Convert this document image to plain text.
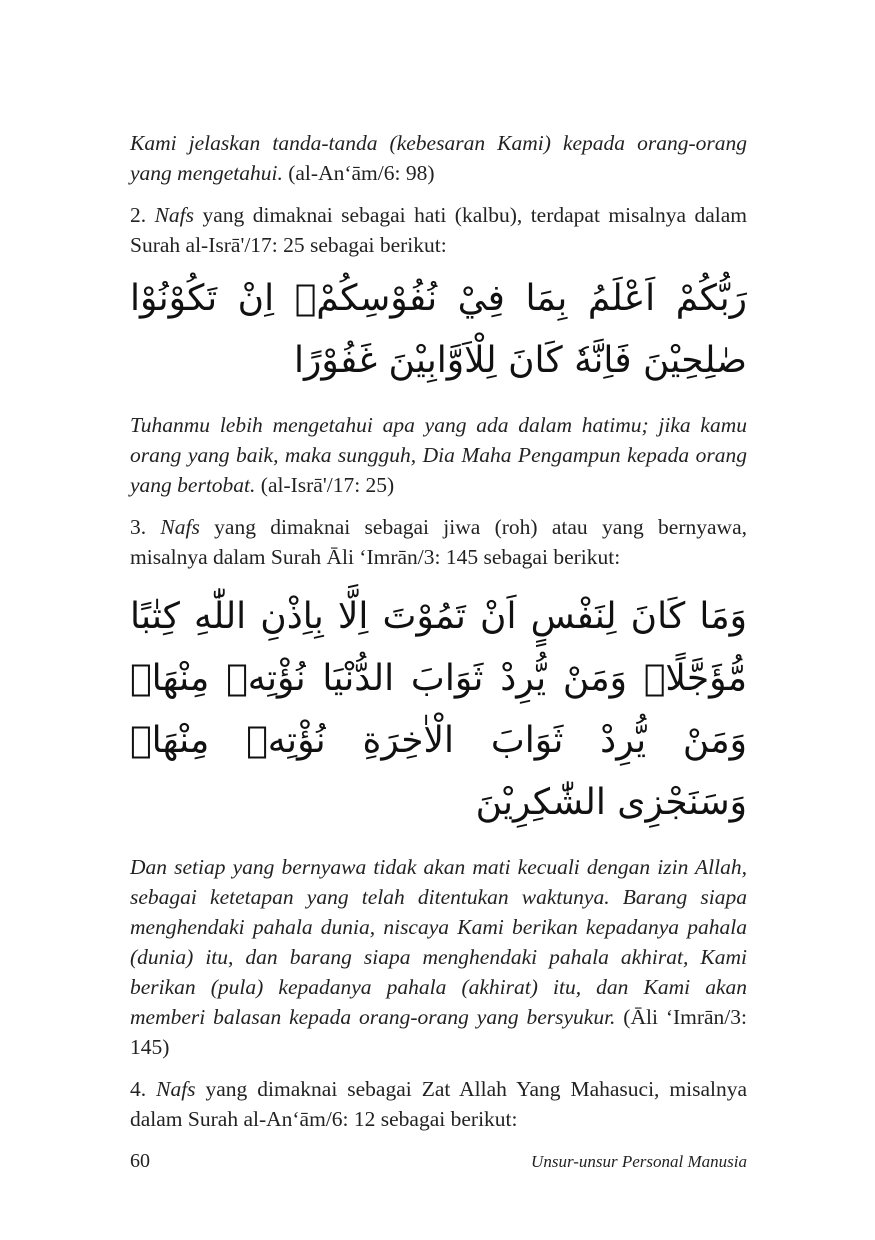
Kami jelaskan tanda-tanda (kebesaran Kami) kepada orang-orang yang mengetahui. (al-An‘ām/6: 98)

2. Nafs yang dimaknai sebagai hati (kalbu), terdapat misalnya dalam Surah al-Isrā'/17: 25 sebagai berikut:

رَبُّكُمْ اَعْلَمُ بِمَا فِيْ نُفُوْسِكُمْۗ اِنْ تَكُوْنُوْا صٰلِحِيْنَ فَاِنَّهٗ كَانَ لِلْاَوَّابِيْنَ غَفُوْرًا

Tuhanmu lebih mengetahui apa yang ada dalam hatimu; jika kamu orang yang baik, maka sungguh, Dia Maha Pengampun kepada orang yang bertobat. (al-Isrā'/17: 25)

3. Nafs yang dimaknai sebagai jiwa (roh) atau yang bernyawa, misalnya dalam Surah Āli ‘Imrān/3: 145 sebagai berikut:

وَمَا كَانَ لِنَفْسٍ اَنْ تَمُوْتَ اِلَّا بِاِذْنِ اللّٰهِ كِتٰبًا مُّؤَجَّلًاۗ وَمَنْ يُّرِدْ ثَوَابَ الدُّنْيَا نُؤْتِهٖ مِنْهَاۚ وَمَنْ يُّرِدْ ثَوَابَ الْاٰخِرَةِ نُؤْتِهٖ مِنْهَاۗ وَسَنَجْزِى الشّٰكِرِيْنَ

Dan setiap yang bernyawa tidak akan mati kecuali dengan izin Allah, sebagai ketetapan yang telah ditentukan waktunya. Barang siapa menghendaki pahala dunia, niscaya Kami berikan kepadanya pahala (dunia) itu, dan barang siapa menghendaki pahala akhirat, Kami berikan (pula) kepadanya pahala (akhirat) itu, dan Kami akan memberi balasan kepada orang-orang yang bersyukur. (Āli ‘Imrān/3: 145)

4. Nafs yang dimaknai sebagai Zat Allah Yang Mahasuci, misalnya dalam Surah al-An‘ām/6: 12 sebagai berikut:

60	Unsur-unsur Personal Manusia
